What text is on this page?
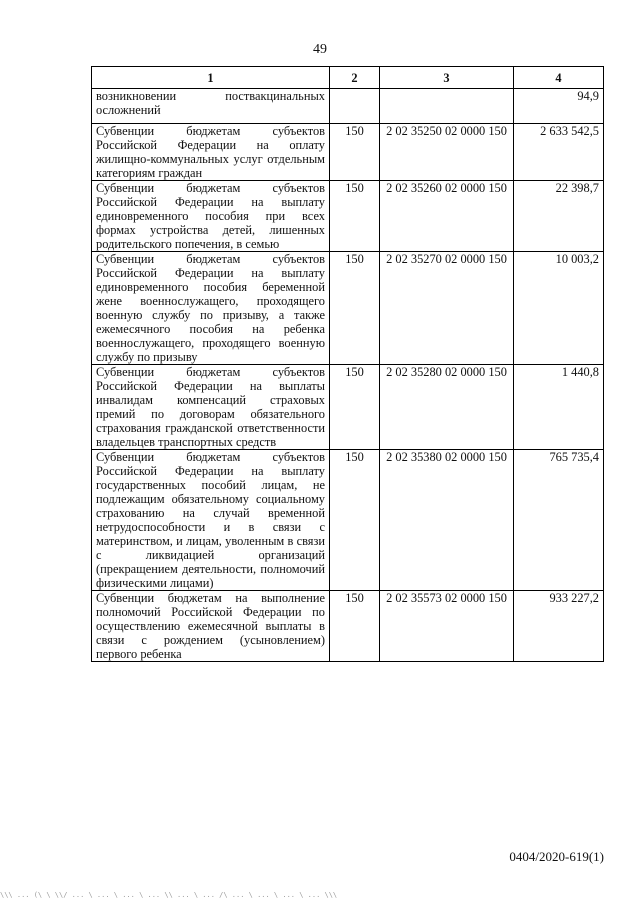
49
1	2	3	4
возникновении поствакцинальных осложнений			94,9
Субвенции бюджетам субъектов Российской Федерации на оплату жилищно-коммунальных услуг отдельным категориям граждан	150	2 02 35250 02 0000 150	2 633 542,5
Субвенции бюджетам субъектов Российской Федерации на выплату единовременного пособия при всех формах устройства детей, лишенных родительского попечения, в семью	150	2 02 35260 02 0000 150	22 398,7
Субвенции бюджетам субъектов Российской Федерации на выплату единовременного пособия беременной жене военнослужащего, проходящего военную службу по призыву, а также ежемесячного пособия на ребенка военнослужащего, проходящего военную службу по призыву	150	2 02 35270 02 0000 150	10 003,2
Субвенции бюджетам субъектов Российской Федерации на выплаты инвалидам компенсаций страховых премий по договорам обязательного страхования гражданской ответственности владельцев транспортных средств	150	2 02 35280 02 0000 150	1 440,8
Субвенции бюджетам субъектов Российской Федерации на выплату государственных пособий лицам, не подлежащим обязательному социальному страхованию на случай временной нетрудоспособности и в связи с материнством, и лицам, уволенным в связи с ликвидацией организаций (прекращением деятельности, полномочий физическими лицами)	150	2 02 35380 02 0000 150	765 735,4
Субвенции бюджетам на выполнение полномочий Российской Федерации по осуществлению ежемесячной выплаты в связи с рождением (усыновлением) первого ребенка	150	2 02 35573 02 0000 150	933 227,2
0404/2020-619(1)
\\\ ... (\ \ \\/ ... \ ... \ ... \ ... \\ ... \ ... /\ ... \ ... \ ... \ ... \\\
